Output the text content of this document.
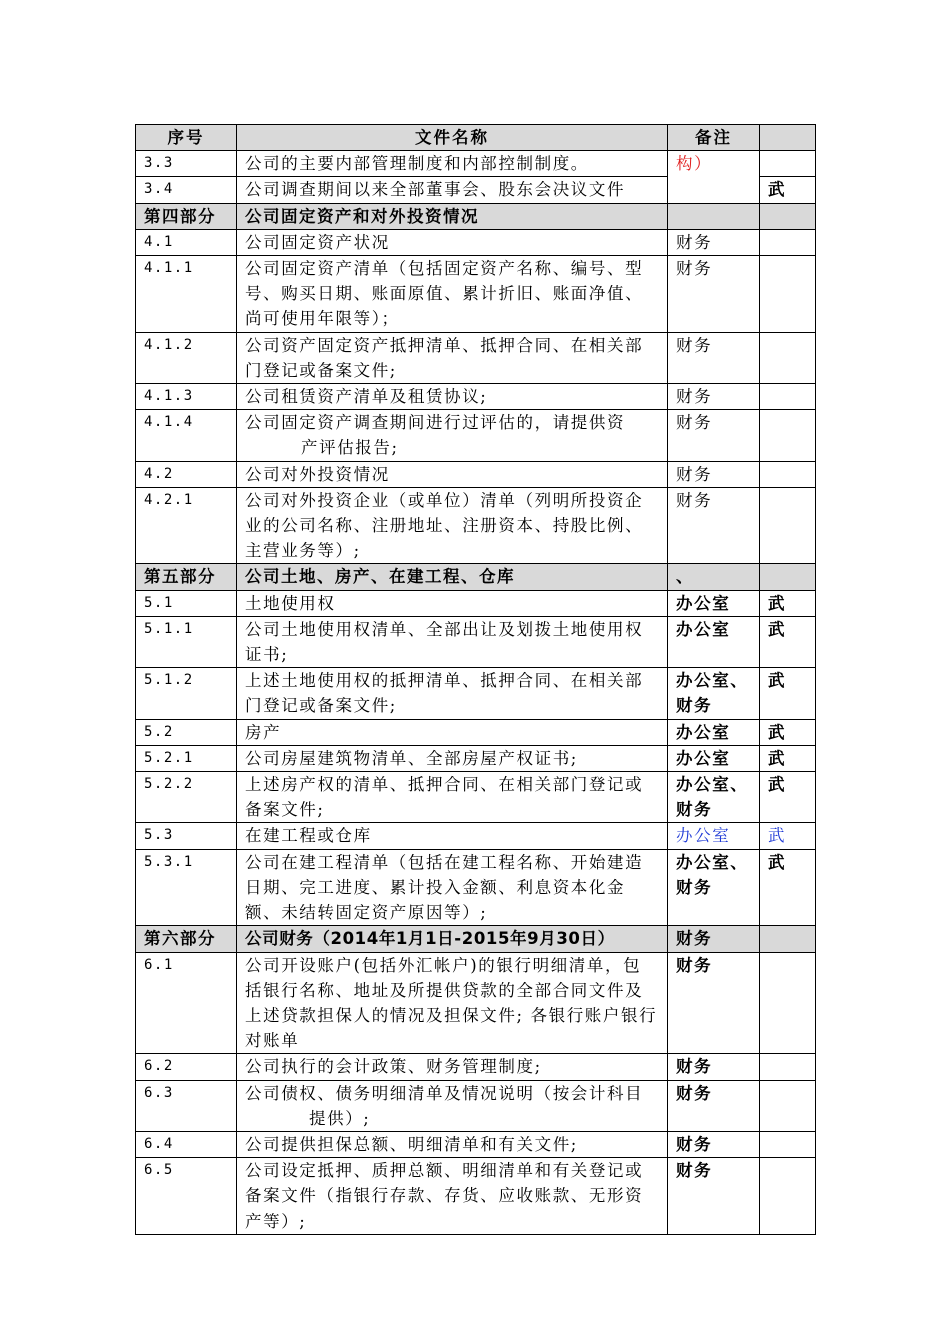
序号	文件名称	备注	
3.3	公司的主要内部管理制度和内部控制制度。	构）	
3.4	公司调查期间以来全部董事会、股东会决议文件		武
第四部分	公司固定资产和对外投资情况		
4.1	公司固定资产状况	财务	
4.1.1	公司固定资产清单（包括固定资产名称、编号、型号、购买日期、账面原值、累计折旧、账面净值、尚可使用年限等）；	财务	
4.1.2	公司资产固定资产抵押清单、抵押合同、在相关部门登记或备案文件;	财务	
4.1.3	公司租赁资产清单及租赁协议;	财务	
4.1.4	公司固定资产调查期间进行过评估的，请提供资
产评估报告;	财务	
4.2	公司对外投资情况	财务	
4.2.1	公司对外投资企业（或单位）清单（列明所投资企业的公司名称、注册地址、注册资本、持股比例、主营业务等）;	财务	
第五部分	公司土地、房产、在建工程、仓库	、	
5.1	土地使用权	办公室	武
5.1.1	公司土地使用权清单、全部出让及划拨土地使用权证书;	办公室	武
5.1.2	上述土地使用权的抵押清单、抵押合同、在相关部门登记或备案文件;	办公室、财务	武
5.2	房产	办公室	武
5.2.1	公司房屋建筑物清单、全部房屋产权证书;	办公室	武
5.2.2	上述房产权的清单、抵押合同、在相关部门登记或备案文件;	办公室、财务	武
5.3	在建工程或仓库	办公室	武
5.3.1	公司在建工程清单（包括在建工程名称、开始建造日期、完工进度、累计投入金额、利息资本化金额、未结转固定资产原因等）;	办公室、财务	武
第六部分	公司财务（2014年1月1日-2015年9月30日）	财务	
6.1	公司开设账户(包括外汇帐户)的银行明细清单，包括银行名称、地址及所提供贷款的全部合同文件及上述贷款担保人的情况及担保文件; 各银行账户银行对账单	财务	
6.2	公司执行的会计政策、财务管理制度;	财务	
6.3	公司债权、债务明细清单及情况说明（按会计科目
提供）;	财务	
6.4	公司提供担保总额、明细清单和有关文件;	财务	
6.5	公司设定抵押、质押总额、明细清单和有关登记或备案文件（指银行存款、存货、应收账款、无形资产等）;	财务	
